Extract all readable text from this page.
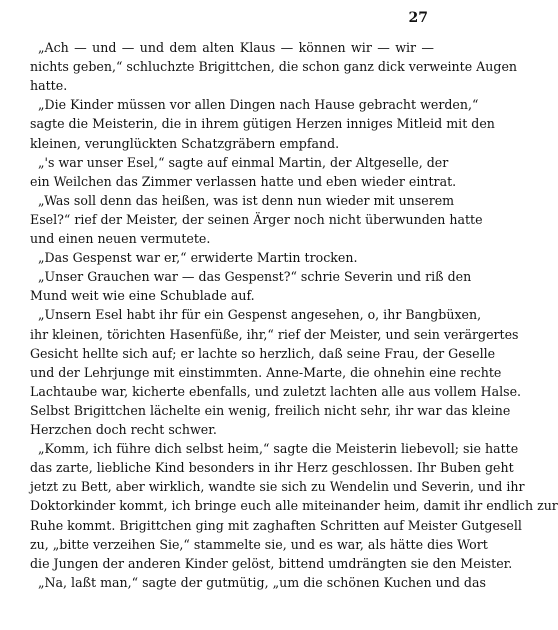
27
„Ach — und — und dem alten Klaus — können wir — wir —
nichts geben,“ schluchzte Brigittchen, die schon ganz dick verweinte Augen
hatte.
„Die Kinder müssen vor allen Dingen nach Hause gebracht werden,“
sagte die Meisterin, die in ihrem gütigen Herzen inniges Mitleid mit den
kleinen, verunglückten Schatzgräbern empfand.
„'s war unser Esel,“ sagte auf einmal Martin, der Altgeselle, der
ein Weilchen das Zimmer verlassen hatte und eben wieder eintrat.
„Was soll denn das heißen, was ist denn nun wieder mit unserem
Esel?“ rief der Meister, der seinen Ärger noch nicht überwunden hatte
und einen neuen vermutete.
„Das Gespenst war er,“ erwiderte Martin trocken.
„Unser Grauchen war — das Gespenst?“ schrie Severin und riß den
Mund weit wie eine Schublade auf.
„Unsern Esel habt ihr für ein Gespenst angesehen, o, ihr Bangbüxen,
ihr kleinen, törichten Hasenfüße, ihr,“ rief der Meister, und sein verärgertes
Gesicht hellte sich auf; er lachte so herzlich, daß seine Frau, der Geselle
und der Lehrjunge mit einstimmten. Anne-Marte, die ohnehin eine rechte
Lachtaube war, kicherte ebenfalls, und zuletzt lachten alle aus vollem Halse.
Selbst Brigittchen lächelte ein wenig, freilich nicht sehr, ihr war das kleine
Herzchen doch recht schwer.
„Komm, ich führe dich selbst heim,“ sagte die Meisterin liebevoll; sie hatte
das zarte, liebliche Kind besonders in ihr Herz geschlossen. Ihr Buben geht
jetzt zu Bett, aber wirklich, wandte sie sich zu Wendelin und Severin, und ihr
Doktorkinder kommt, ich bringe euch alle miteinander heim, damit ihr endlich zur
Ruhe kommt. Brigittchen ging mit zaghaften Schritten auf Meister Gutgesell
zu, „bitte verzeihen Sie,“ stammelte sie, und es war, als hätte dies Wort
die Jungen der anderen Kinder gelöst, bittend umdrängten sie den Meister.
„Na, laßt man,“ sagte der gutmütig, „um die schönen Kuchen und das
